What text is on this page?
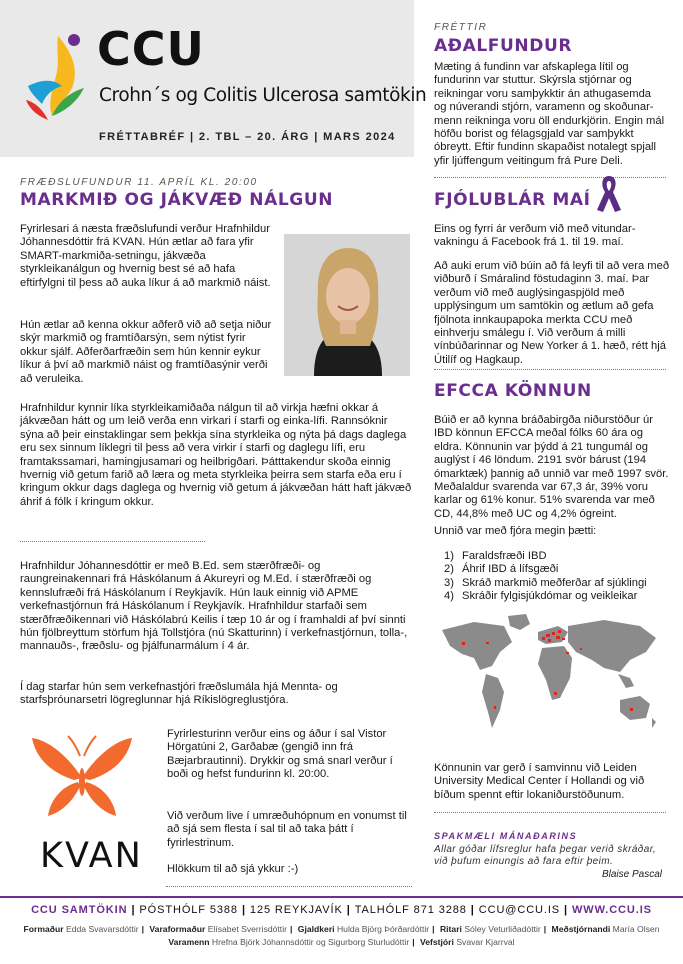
CCU
Crohn´s og Colitis Ulcerosa samtökin
FRÉTTABRÉF | 2. TBL – 20. ÁRG | MARS 2024
FRÆÐSLUFUNDUR 11. APRÍL KL. 20:00
MARKMIÐ OG JÁKVÆÐ NÁLGUN
Fyrirlesari á næsta fræðslufundi verður Hrafnhildur Jóhannesdóttir frá KVAN. Hún ætlar að fara yfir SMART-markmiða-setningu, jákvæða styrkleikanálgun og hvernig best sé að hafa eftirfylgni til þess að auka líkur á að markmið náist.
Hún ætlar að kenna okkur aðferð við að setja niður skýr markmið og framtíðarsýn, sem nýtist fyrir okkur sjálf. Aðferðarfræðin sem hún kennir eykur líkur á því að markmið náist og framtíðasýnir verði að veruleika.
Hrafnhildur kynnir líka styrkleikamiðaða nálgun til að virkja hæfni okkar á jákvæðan hátt og um leið verða enn virkari í starfi og einka-lífi. Rannsóknir sýna að þeir einstaklingar sem þekkja sína styrkleika og nýta þá dags daglega eru sex sinnum líklegri til þess að vera virkir í starfi og daglegu lífi, eru framtakssamari, hamingjusamari og heilbrigðari. Þátttakendur skoða einnig hvernig við getum farið að læra og meta styrkleika þeirra sem starfa eða eru í kringum okkur dags daglega og hvernig við getum á jákvæðan hátt haft jákvæð áhrif á fólk í kringum okkur.
Hrafnhildur Jóhannesdóttir er með B.Ed. sem stærðfræði- og raungreinakennari frá Háskólanum á Akureyri og M.Ed. í stærðfræði og kennslufræði frá Háskólanum í Reykjavík. Hún lauk einnig við APME verkefnastjórnun frá Háskólanum í Reykjavík. Hrafnhildur starfaði sem stærðfræðikennari við Háskólabrú Keilis í tæp 10 ár og í framhaldi af því sinnti hún fjölbreyttum störfum hjá Tollstjóra (nú Skatturinn) í verkefnastjórnun, tolla-, mannauðs-, fræðslu- og þjálfunarmálum í 4 ár.
Í dag starfar hún sem verkefnastjóri fræðslumála hjá Mennta- og starfsþróunarsetri lögreglunnar hjá Ríkislögreglustjóra.
KVAN
Fyrirlesturinn verður eins og áður í sal Vistor Hörgatúni 2, Garðabæ (gengið inn frá Bæjarbrautinni). Drykkir og smá snarl verður í boði og hefst fundurinn kl. 20:00.
Við verðum live í umræðuhópnum en vonumst til að sjá sem flesta í sal til að taka þátt í fyrirlestrinum.
Hlökkum til að sjá ykkur :-)
FRÉTTIR
AÐALFUNDUR
Mæting á fundinn var afskaplega lítil og fundurinn var stuttur. Skýrsla stjórnar og reikningar voru samþykktir án athugasemda og núverandi stjórn, varamenn og skoðunar-menn reikninga voru öll endurkjörin. Engin mál höfðu borist og félagsgjald var samþykkt óbreytt. Eftir fundinn skapaðist notalegt spjall yfir ljúffengum veitingum frá Pure Deli.
FJÓLUBLÁR MAÍ
Eins og fyrri ár verðum við með vitundar-vakningu á Facebook frá 1. til 19. maí.
Að auki erum við búin að fá leyfi til að vera með viðburð í Smáralind föstudaginn 3. maí. Þar verðum við með auglýsingaspjöld með upplýsingum um samtökin og ætlum að gefa fjölnota innkaupapoka merkta CCU með einhverju smálegu í. Við verðum á milli vínbúðarinnar og New Yorker á 1. hæð, rétt hjá Útilíf og Hagkaup.
EFCCA KÖNNUN
Búið er að kynna bráðabirgða niðurstöður úr IBD könnun EFCCA meðal fólks 60 ára og eldra. Könnunin var þýdd á 21 tungumál og auglýst í 46 löndum. 2191 svör bárust (194 ómarktæk) þannig að unnið var með 1997 svör. Meðalaldur svarenda var 67,3 ár, 39% voru karlar og 61% konur. 51% svarenda var með CD, 44,8% með UC og 4,2% ógreint.
Unnið var með fjóra megin þætti:
1) Faraldsfræði IBD
2) Áhrif IBD á lífsgæði
3) Skráð markmið meðferðar af sjúklingi
4) Skráðir fylgisjúkdómar og veikleikar
Könnunin var gerð í samvinnu við Leiden University Medical Center í Hollandi og við bíðum spennt eftir lokaniðurstöðunum.
SPAKMÆLI MÁNAÐARINS
Allar góðar lífsreglur hafa þegar verið skráðar, við þufum einungis að fara eftir þeim.
Blaise Pascal
CCU SAMTÖKIN | PÓSTHÓLF 5388 | 125 REYKJAVÍK | TALHÓLF 871 3288 | CCU@CCU.IS | WWW.CCU.IS
Formaður Edda Svavarsdóttir | Varaformaður Elísabet Sverrisdóttir | Gjaldkeri Hulda Björg Þórðardóttir | Ritari Sóley Veturliðadóttir | Meðstjórnandi María Olsen
Varamenn Hrefna Björk Jóhannsdóttir og Sigurborg Sturludóttir | Vefstjóri Svavar Kjarrval
